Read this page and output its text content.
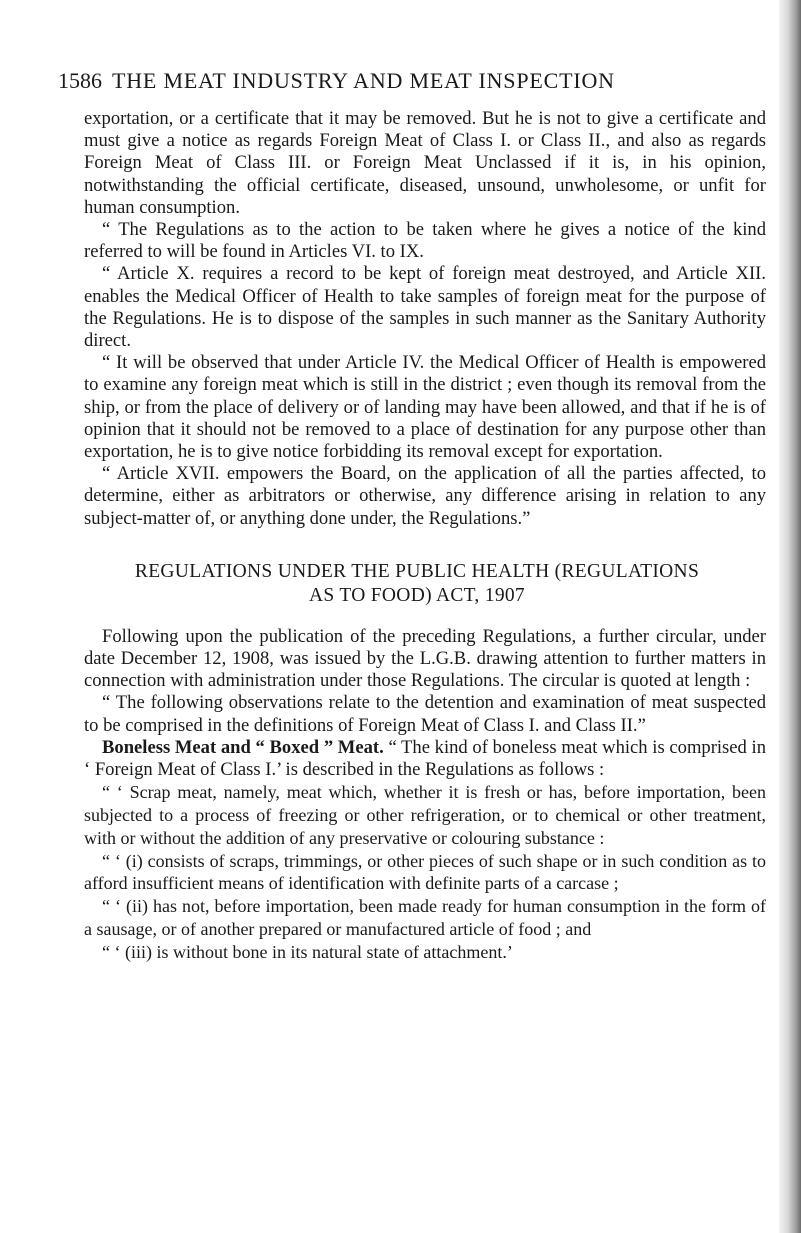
1586 THE MEAT INDUSTRY AND MEAT INSPECTION

exportation, or a certificate that it may be removed. But he is not to give a certificate and must give a notice as regards Foreign Meat of Class I. or Class II., and also as regards Foreign Meat of Class III. or Foreign Meat Unclassed if it is, in his opinion, notwithstanding the official certificate, diseased, unsound, unwholesome, or unfit for human consumption.

“ The Regulations as to the action to be taken where he gives a notice of the kind referred to will be found in Articles VI. to IX.

“ Article X. requires a record to be kept of foreign meat destroyed, and Article XII. enables the Medical Officer of Health to take samples of foreign meat for the purpose of the Regulations. He is to dispose of the samples in such manner as the Sanitary Authority direct.

“ It will be observed that under Article IV. the Medical Officer of Health is empowered to examine any foreign meat which is still in the district ; even though its removal from the ship, or from the place of delivery or of landing may have been allowed, and that if he is of opinion that it should not be removed to a place of destination for any purpose other than exportation, he is to give notice forbidding its removal except for exportation.

“ Article XVII. empowers the Board, on the application of all the parties affected, to determine, either as arbitrators or otherwise, any difference arising in relation to any subject-matter of, or anything done under, the Regulations.”

REGULATIONS UNDER THE PUBLIC HEALTH (REGULATIONS
AS TO FOOD) ACT, 1907

Following upon the publication of the preceding Regulations, a further circular, under date December 12, 1908, was issued by the L.G.B. drawing attention to further matters in connection with administration under those Regulations. The circular is quoted at length :

“ The following observations relate to the detention and examination of meat suspected to be comprised in the definitions of Foreign Meat of Class I. and Class II.”

Boneless Meat and “ Boxed ” Meat. “ The kind of boneless meat which is comprised in ‘ Foreign Meat of Class I.’ is described in the Regulations as follows :

“ ‘ Scrap meat, namely, meat which, whether it is fresh or has, before importation, been subjected to a process of freezing or other refrigeration, or to chemical or other treatment, with or without the addition of any preservative or colouring substance :

“ ‘ (i) consists of scraps, trimmings, or other pieces of such shape or in such condition as to afford insufficient means of identification with definite parts of a carcase ;

“ ‘ (ii) has not, before importation, been made ready for human consumption in the form of a sausage, or of another prepared or manufactured article of food ; and

“ ‘ (iii) is without bone in its natural state of attachment.’
